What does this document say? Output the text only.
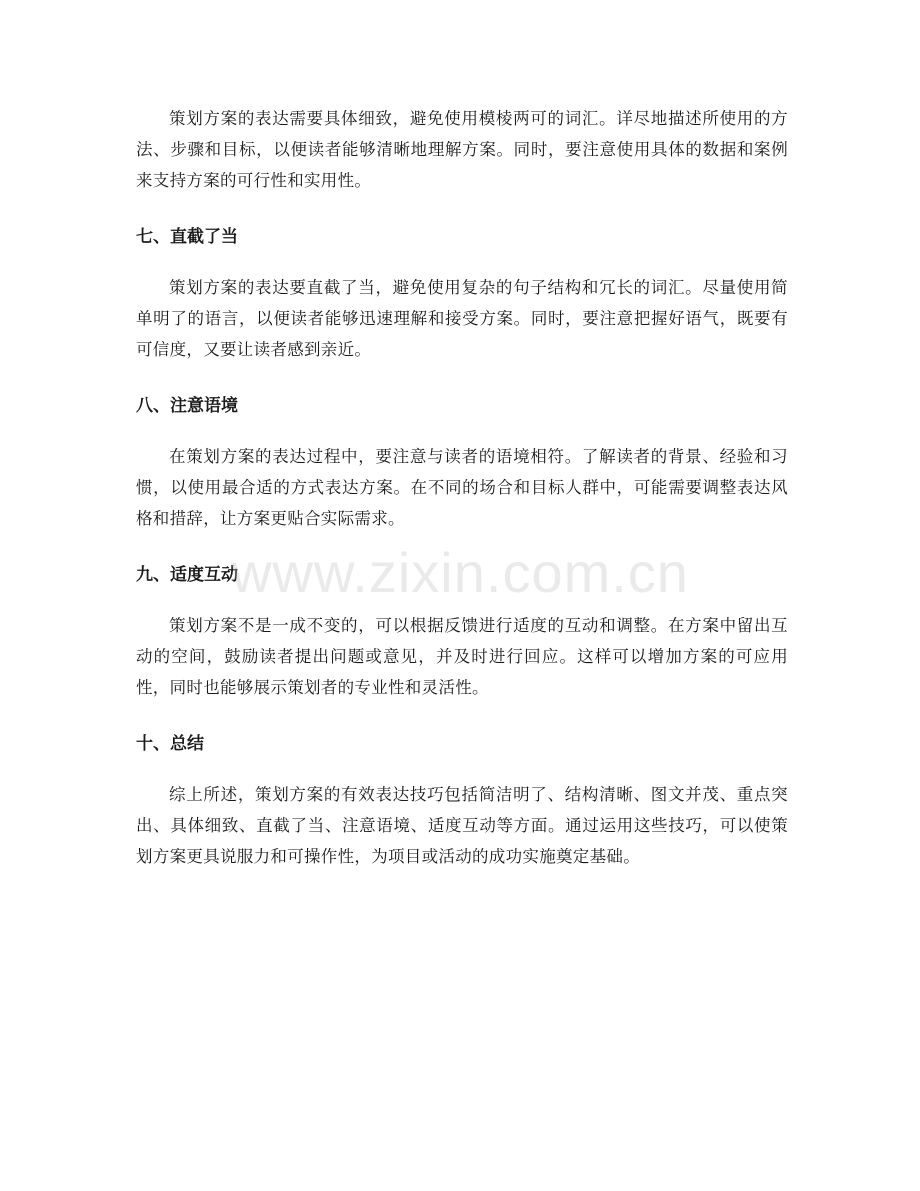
策划方案的表达需要具体细致，避免使用模棱两可的词汇。详尽地描述所使用的方法、步骤和目标，以便读者能够清晰地理解方案。同时，要注意使用具体的数据和案例来支持方案的可行性和实用性。

七、直截了当

策划方案的表达要直截了当，避免使用复杂的句子结构和冗长的词汇。尽量使用简单明了的语言，以便读者能够迅速理解和接受方案。同时，要注意把握好语气，既要有可信度，又要让读者感到亲近。

八、注意语境

在策划方案的表达过程中，要注意与读者的语境相符。了解读者的背景、经验和习惯，以使用最合适的方式表达方案。在不同的场合和目标人群中，可能需要调整表达风格和措辞，让方案更贴合实际需求。

九、适度互动

策划方案不是一成不变的，可以根据反馈进行适度的互动和调整。在方案中留出互动的空间，鼓励读者提出问题或意见，并及时进行回应。这样可以增加方案的可应用性，同时也能够展示策划者的专业性和灵活性。

十、总结

综上所述，策划方案的有效表达技巧包括简洁明了、结构清晰、图文并茂、重点突出、具体细致、直截了当、注意语境、适度互动等方面。通过运用这些技巧，可以使策划方案更具说服力和可操作性，为项目或活动的成功实施奠定基础。

www.zixin.com.cn
